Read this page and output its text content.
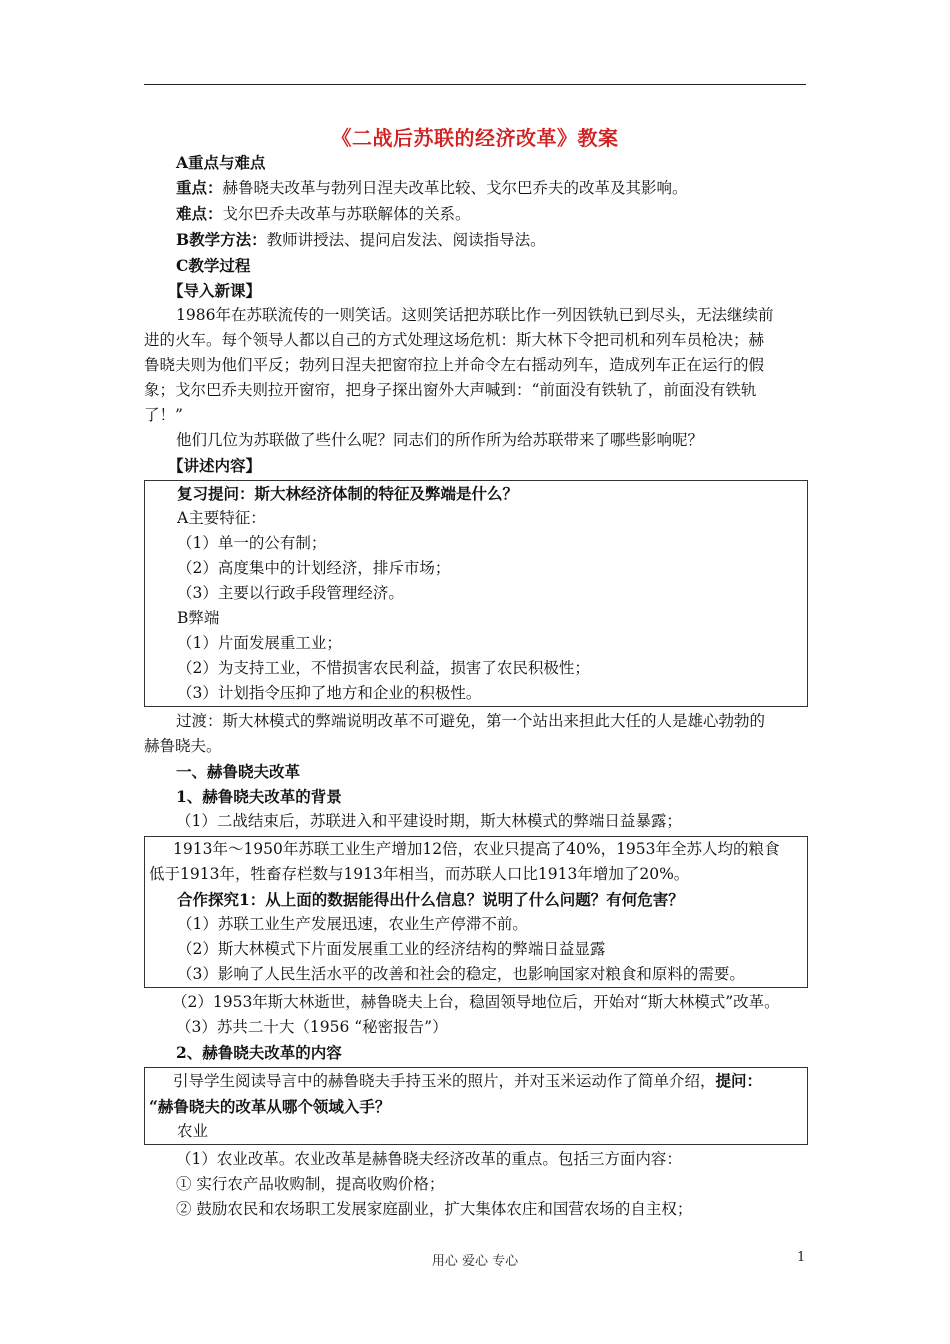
《二战后苏联的经济改革》教案

A重点与难点

重点：赫鲁晓夫改革与勃列日涅夫改革比较、戈尔巴乔夫的改革及其影响。

难点：戈尔巴乔夫改革与苏联解体的关系。

B教学方法：教师讲授法、提问启发法、阅读指导法。

C教学过程

【导入新课】

1986年在苏联流传的一则笑话。这则笑话把苏联比作一列因铁轨已到尽头，无法继续前

进的火车。每个领导人都以自己的方式处理这场危机：斯大林下令把司机和列车员枪决；赫

鲁晓夫则为他们平反；勃列日涅夫把窗帘拉上并命令左右摇动列车，造成列车正在运行的假

象；戈尔巴乔夫则拉开窗帘，把身子探出窗外大声喊到：“前面没有铁轨了，前面没有铁轨

了！”

他们几位为苏联做了些什么呢？同志们的所作所为给苏联带来了哪些影响呢？

【讲述内容】

复习提问：斯大林经济体制的特征及弊端是什么？

A主要特征：

（1）单一的公有制；

（2）高度集中的计划经济，排斥市场；

（3）主要以行政手段管理经济。

B弊端

（1）片面发展重工业；

（2）为支持工业，不惜损害农民利益，损害了农民积极性；

（3）计划指令压抑了地方和企业的积极性。

过渡：斯大林模式的弊端说明改革不可避免，第一个站出来担此大任的人是雄心勃勃的

赫鲁晓夫。

一、赫鲁晓夫改革

1、赫鲁晓夫改革的背景

（1）二战结束后，苏联进入和平建设时期，斯大林模式的弊端日益暴露；

1913年～1950年苏联工业生产增加12倍，农业只提高了40%，1953年全苏人均的粮食

低于1913年，牲畜存栏数与1913年相当，而苏联人口比1913年增加了20%。

合作探究1：从上面的数据能得出什么信息？说明了什么问题？有何危害？

（1）苏联工业生产发展迅速，农业生产停滞不前。

（2）斯大林模式下片面发展重工业的经济结构的弊端日益显露

（3）影响了人民生活水平的改善和社会的稳定，也影响国家对粮食和原料的需要。

（2）1953年斯大林逝世，赫鲁晓夫上台，稳固领导地位后，开始对“斯大林模式”改革。

（3）苏共二十大（1956 “秘密报告”）

2、赫鲁晓夫改革的内容

引导学生阅读导言中的赫鲁晓夫手持玉米的照片，并对玉米运动作了简单介绍，提问：

“赫鲁晓夫的改革从哪个领域入手？

农业

（1）农业改革。农业改革是赫鲁晓夫经济改革的重点。包括三方面内容：

① 实行农产品收购制，提高收购价格；

② 鼓励农民和农场职工发展家庭副业，扩大集体农庄和国营农场的自主权；

用心 爱心 专心	1
